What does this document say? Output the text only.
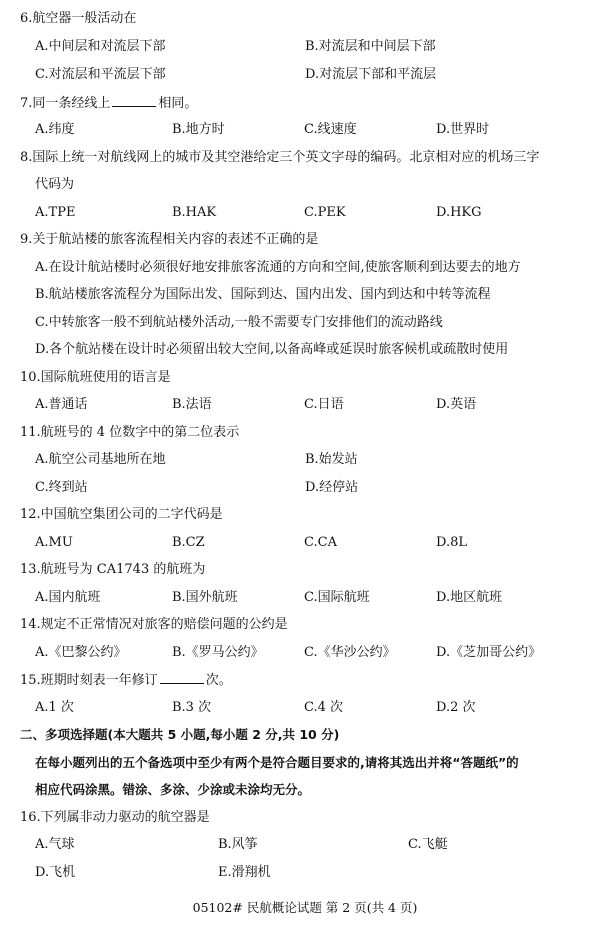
6.航空器一般活动在
A.中间层和对流层下部	B.对流层和中间层下部
C.对流层和平流层下部	D.对流层下部和平流层
7.同一条经线上	相同。
A.纬度	B.地方时	C.线速度	D.世界时
8.国际上统一对航线网上的城市及其空港给定三个英文字母的编码。北京相对应的机场三字
代码为
A.TPE	B.HAK	C.PEK	D.HKG
9.关于航站楼的旅客流程相关内容的表述不正确的是
A.在设计航站楼时必须很好地安排旅客流通的方向和空间,使旅客顺利到达要去的地方
B.航站楼旅客流程分为国际出发、国际到达、国内出发、国内到达和中转等流程
C.中转旅客一般不到航站楼外活动,一般不需要专门安排他们的流动路线
D.各个航站楼在设计时必须留出较大空间,以备高峰或延误时旅客候机或疏散时使用
10.国际航班使用的语言是
A.普通话	B.法语	C.日语	D.英语
11.航班号的 4 位数字中的第二位表示
A.航空公司基地所在地	B.始发站
C.终到站	D.经停站
12.中国航空集团公司的二字代码是
A.MU	B.CZ	C.CA	D.8L
13.航班号为 CA1743 的航班为
A.国内航班	B.国外航班	C.国际航班	D.地区航班
14.规定不正常情况对旅客的赔偿问题的公约是
A.《巴黎公约》	B.《罗马公约》	C.《华沙公约》	D.《芝加哥公约》
15.班期时刻表一年修订	次。
A.1 次	B.3 次	C.4 次	D.2 次
二、多项选择题(本大题共 5 小题,每小题 2 分,共 10 分)
在每小题列出的五个备选项中至少有两个是符合题目要求的,请将其选出并将“答题纸”的
相应代码涂黑。错涂、多涂、少涂或未涂均无分。
16.下列属非动力驱动的航空器是
A.气球	B.风筝	C.飞艇
D.飞机	E.滑翔机
05102# 民航概论试题 第 2 页(共 4 页)
